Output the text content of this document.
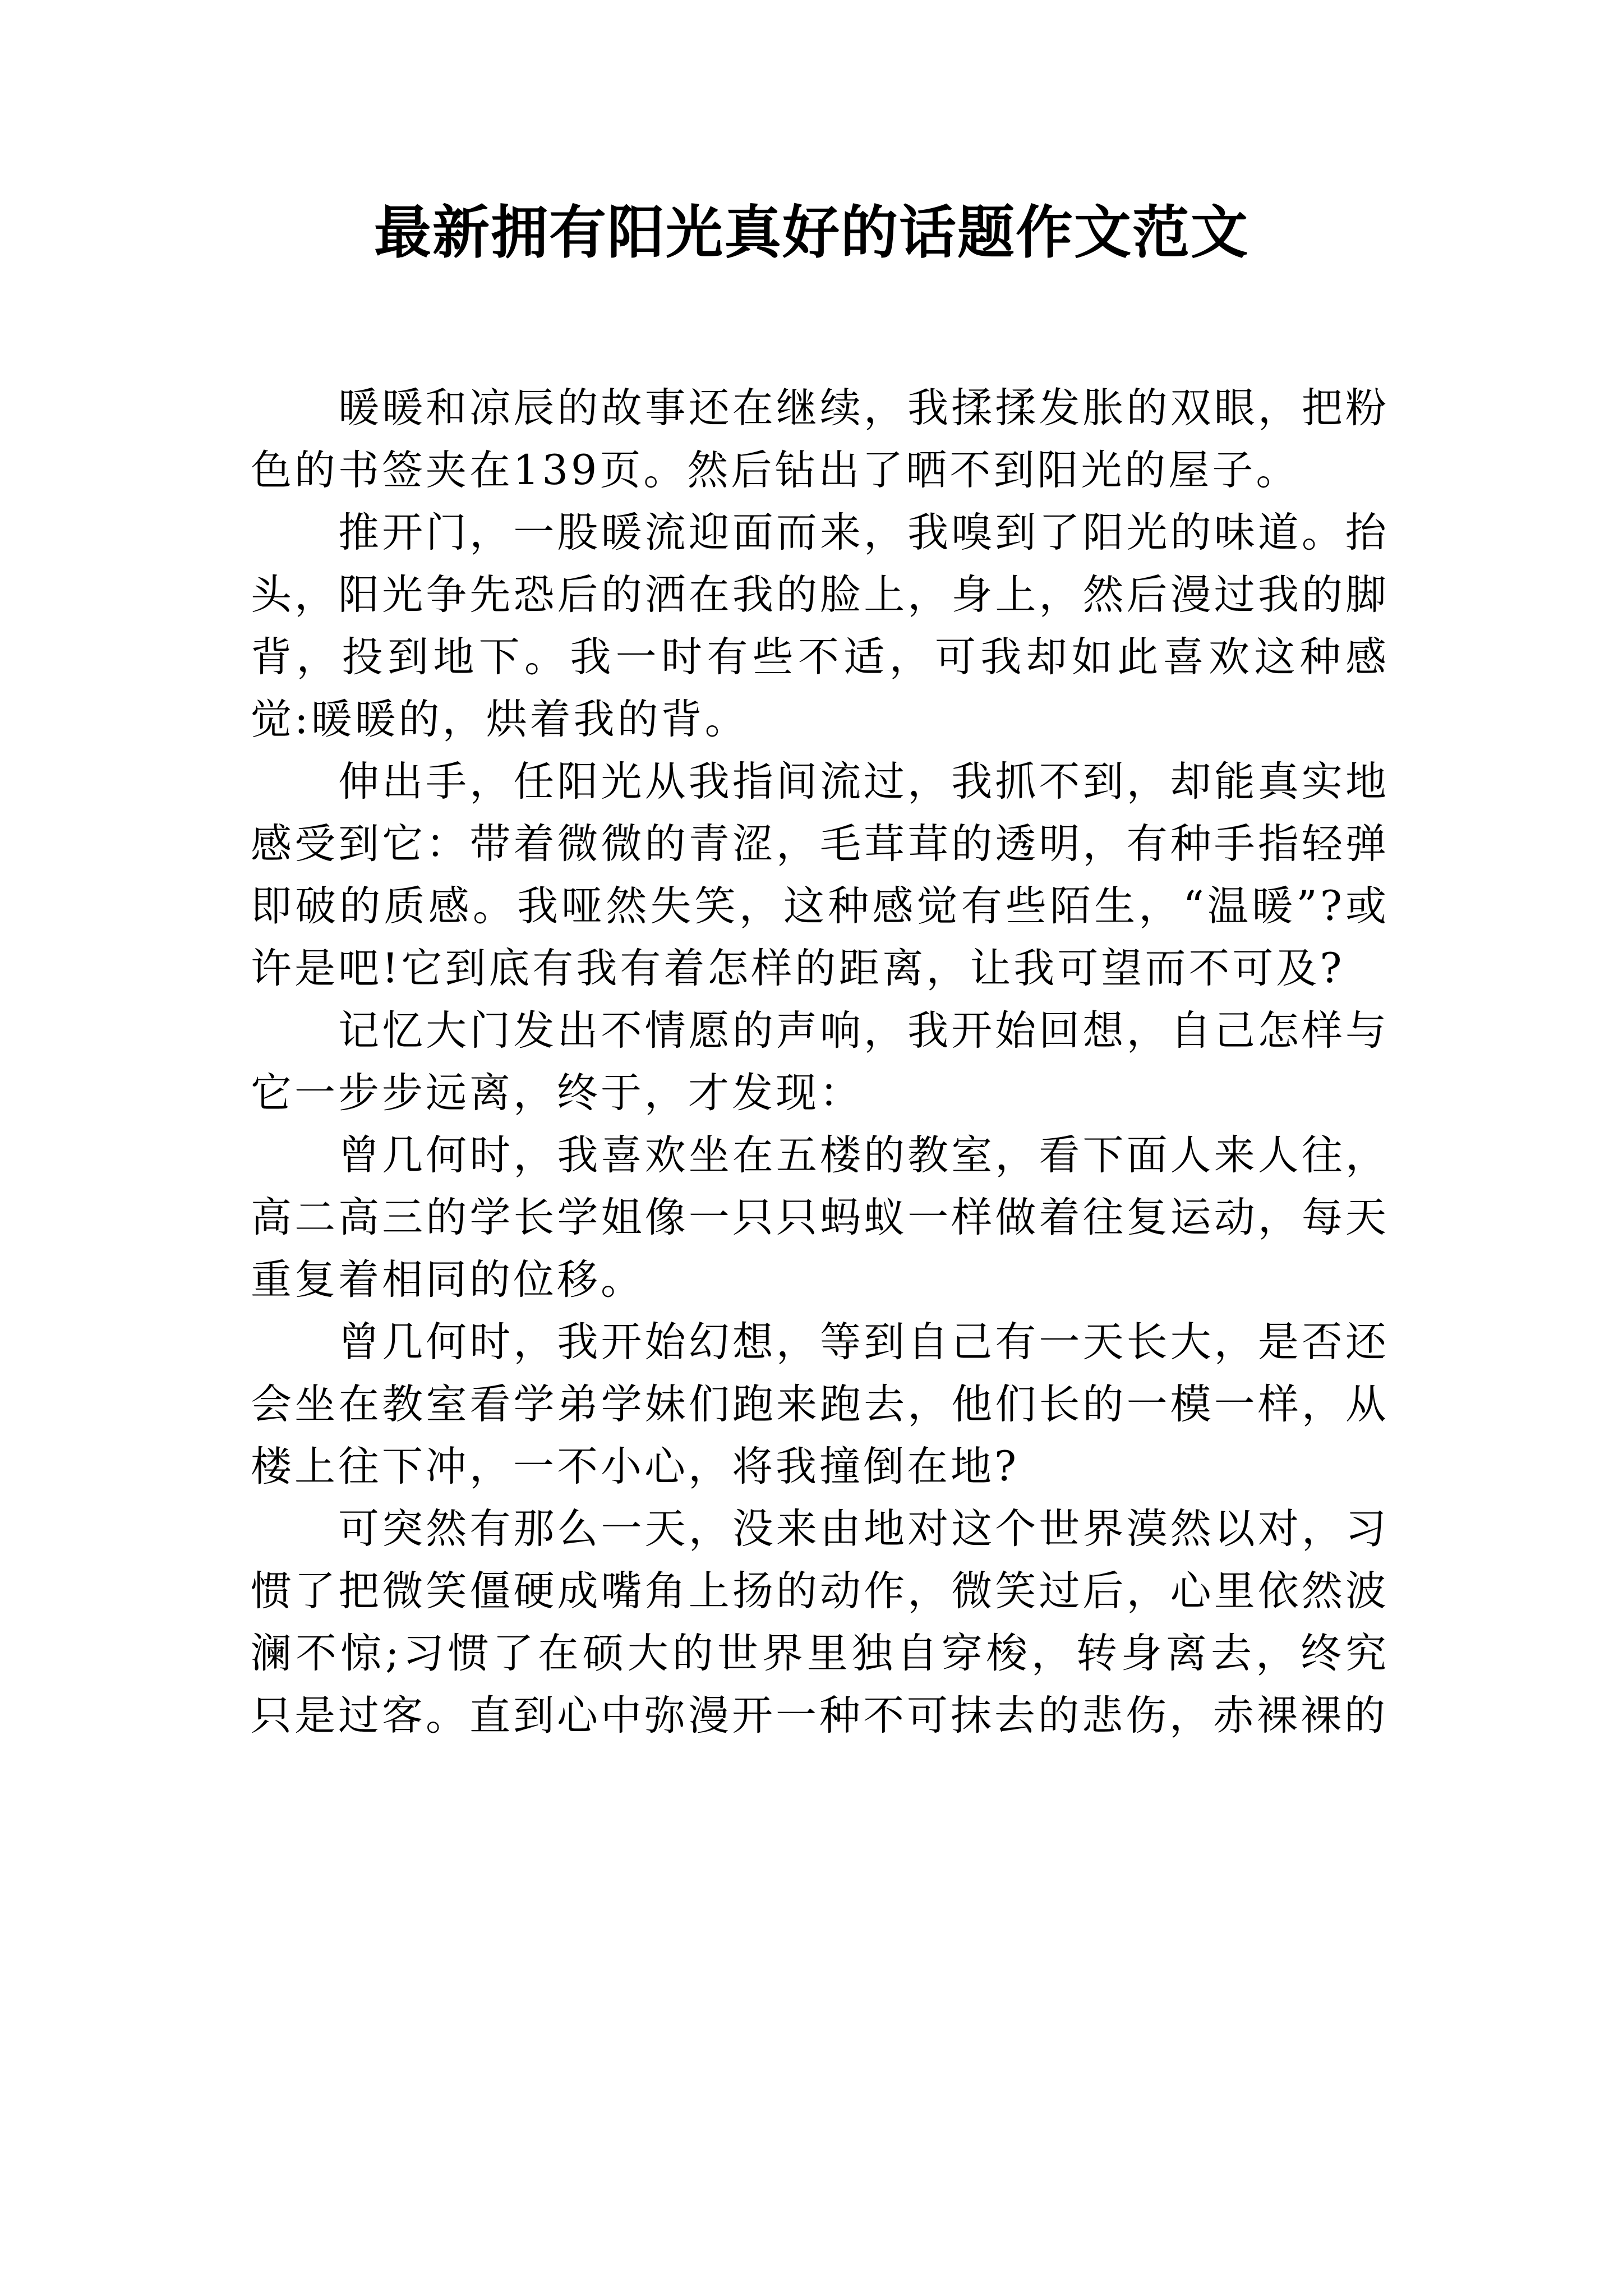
最新拥有阳光真好的话题作文范文

暖暖和凉辰的故事还在继续，我揉揉发胀的双眼，把粉色的书签夹在139页。然后钻出了晒不到阳光的屋子。

推开门，一股暖流迎面而来，我嗅到了阳光的味道。抬头，阳光争先恐后的洒在我的脸上，身上，然后漫过我的脚背，投到地下。我一时有些不适，可我却如此喜欢这种感觉:暖暖的，烘着我的背。

伸出手，任阳光从我指间流过，我抓不到，却能真实地感受到它：带着微微的青涩，毛茸茸的透明，有种手指轻弹即破的质感。我哑然失笑，这种感觉有些陌生，“温暖”?或许是吧!它到底有我有着怎样的距离，让我可望而不可及?

记忆大门发出不情愿的声响，我开始回想，自己怎样与它一步步远离，终于，才发现：

曾几何时，我喜欢坐在五楼的教室，看下面人来人往，高二高三的学长学姐像一只只蚂蚁一样做着往复运动，每天重复着相同的位移。

曾几何时，我开始幻想，等到自己有一天长大，是否还会坐在教室看学弟学妹们跑来跑去，他们长的一模一样，从楼上往下冲，一不小心，将我撞倒在地?

可突然有那么一天，没来由地对这个世界漠然以对，习惯了把微笑僵硬成嘴角上扬的动作，微笑过后，心里依然波澜不惊;习惯了在硕大的世界里独自穿梭，转身离去，终究只是过客。直到心中弥漫开一种不可抹去的悲伤，赤裸裸的
